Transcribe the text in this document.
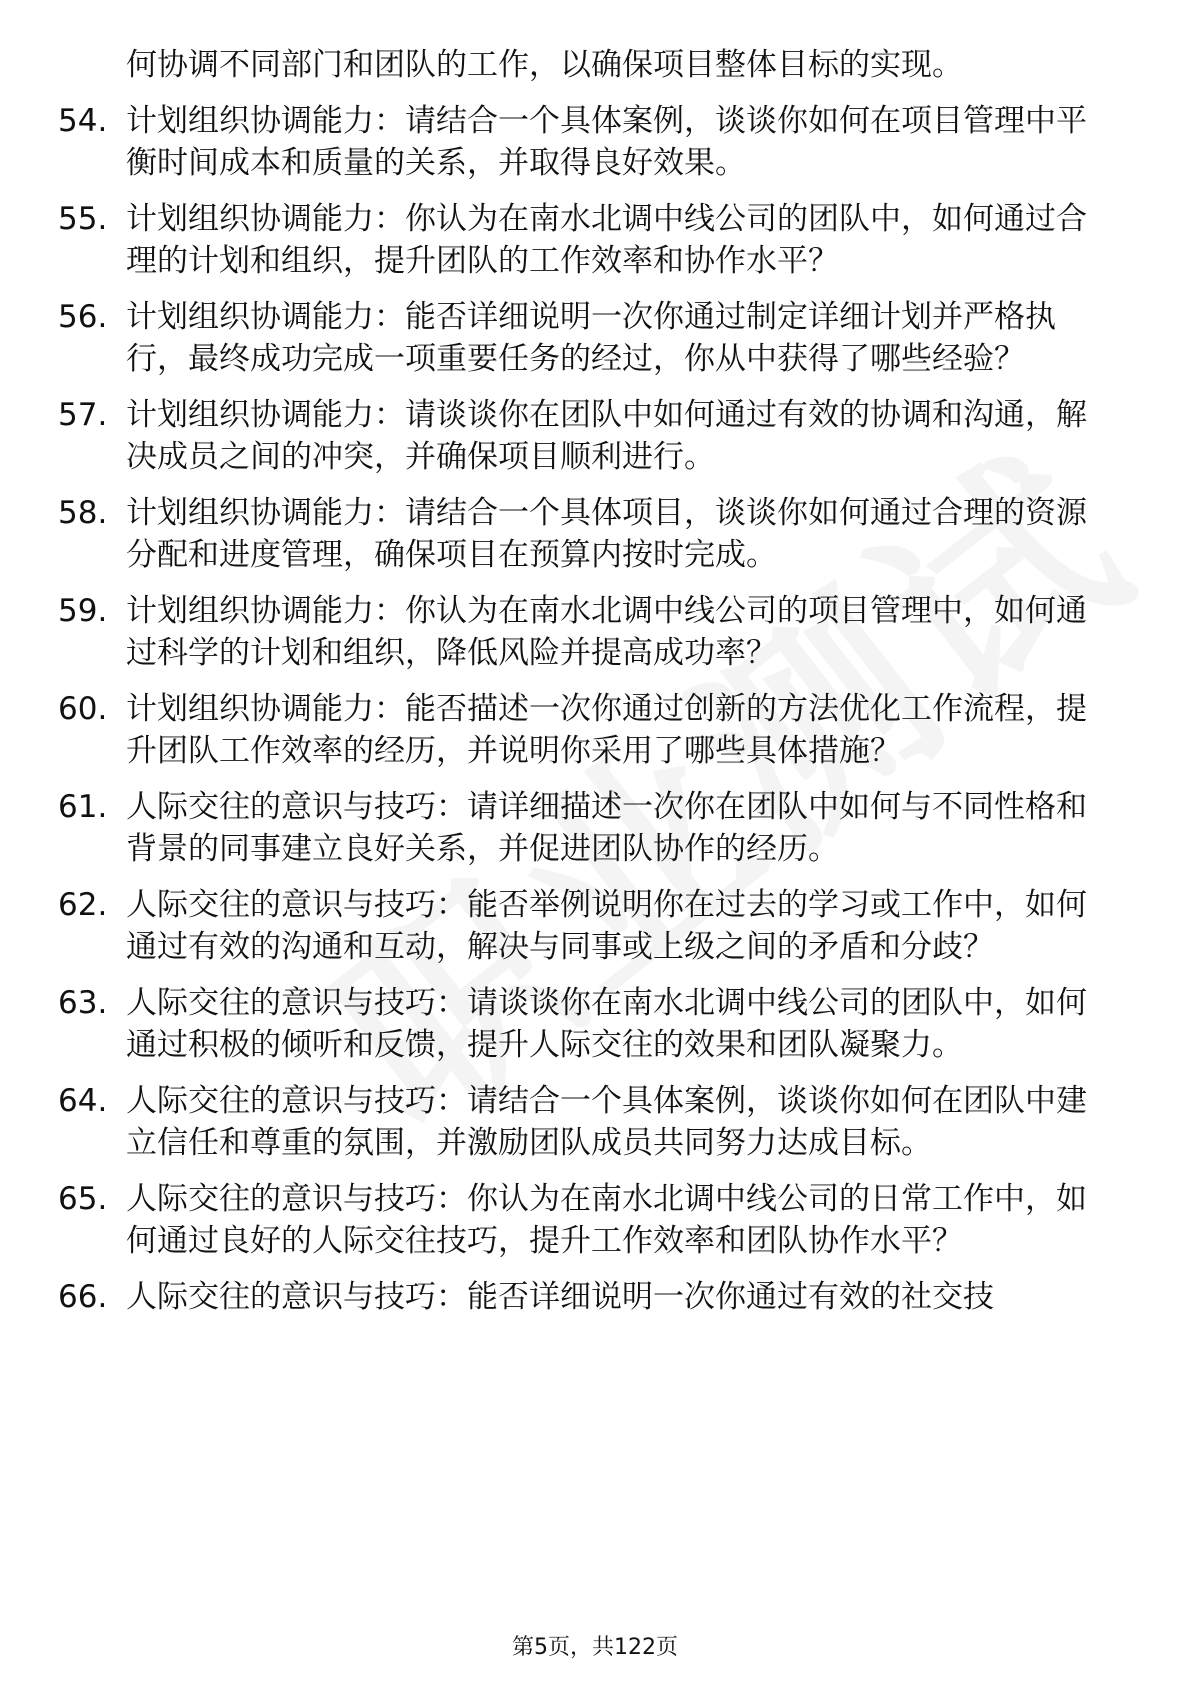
何协调不同部门和团队的工作，以确保项目整体目标的实现。
54. 计划组织协调能力：请结合一个具体案例，谈谈你如何在项目管理中平衡时间成本和质量的关系，并取得良好效果。
55. 计划组织协调能力：你认为在南水北调中线公司的团队中，如何通过合理的计划和组织，提升团队的工作效率和协作水平？
56. 计划组织协调能力：能否详细说明一次你通过制定详细计划并严格执行，最终成功完成一项重要任务的经过，你从中获得了哪些经验？
57. 计划组织协调能力：请谈谈你在团队中如何通过有效的协调和沟通，解决成员之间的冲突，并确保项目顺利进行。
58. 计划组织协调能力：请结合一个具体项目，谈谈你如何通过合理的资源分配和进度管理，确保项目在预算内按时完成。
59. 计划组织协调能力：你认为在南水北调中线公司的项目管理中，如何通过科学的计划和组织，降低风险并提高成功率？
60. 计划组织协调能力：能否描述一次你通过创新的方法优化工作流程，提升团队工作效率的经历，并说明你采用了哪些具体措施？
61. 人际交往的意识与技巧：请详细描述一次你在团队中如何与不同性格和背景的同事建立良好关系，并促进团队协作的经历。
62. 人际交往的意识与技巧：能否举例说明你在过去的学习或工作中，如何通过有效的沟通和互动，解决与同事或上级之间的矛盾和分歧？
63. 人际交往的意识与技巧：请谈谈你在南水北调中线公司的团队中，如何通过积极的倾听和反馈，提升人际交往的效果和团队凝聚力。
64. 人际交往的意识与技巧：请结合一个具体案例，谈谈你如何在团队中建立信任和尊重的氛围，并激励团队成员共同努力达成目标。
65. 人际交往的意识与技巧：你认为在南水北调中线公司的日常工作中，如何通过良好的人际交往技巧，提升工作效率和团队协作水平？
66. 人际交往的意识与技巧：能否详细说明一次你通过有效的社交技
第5页，共122页
